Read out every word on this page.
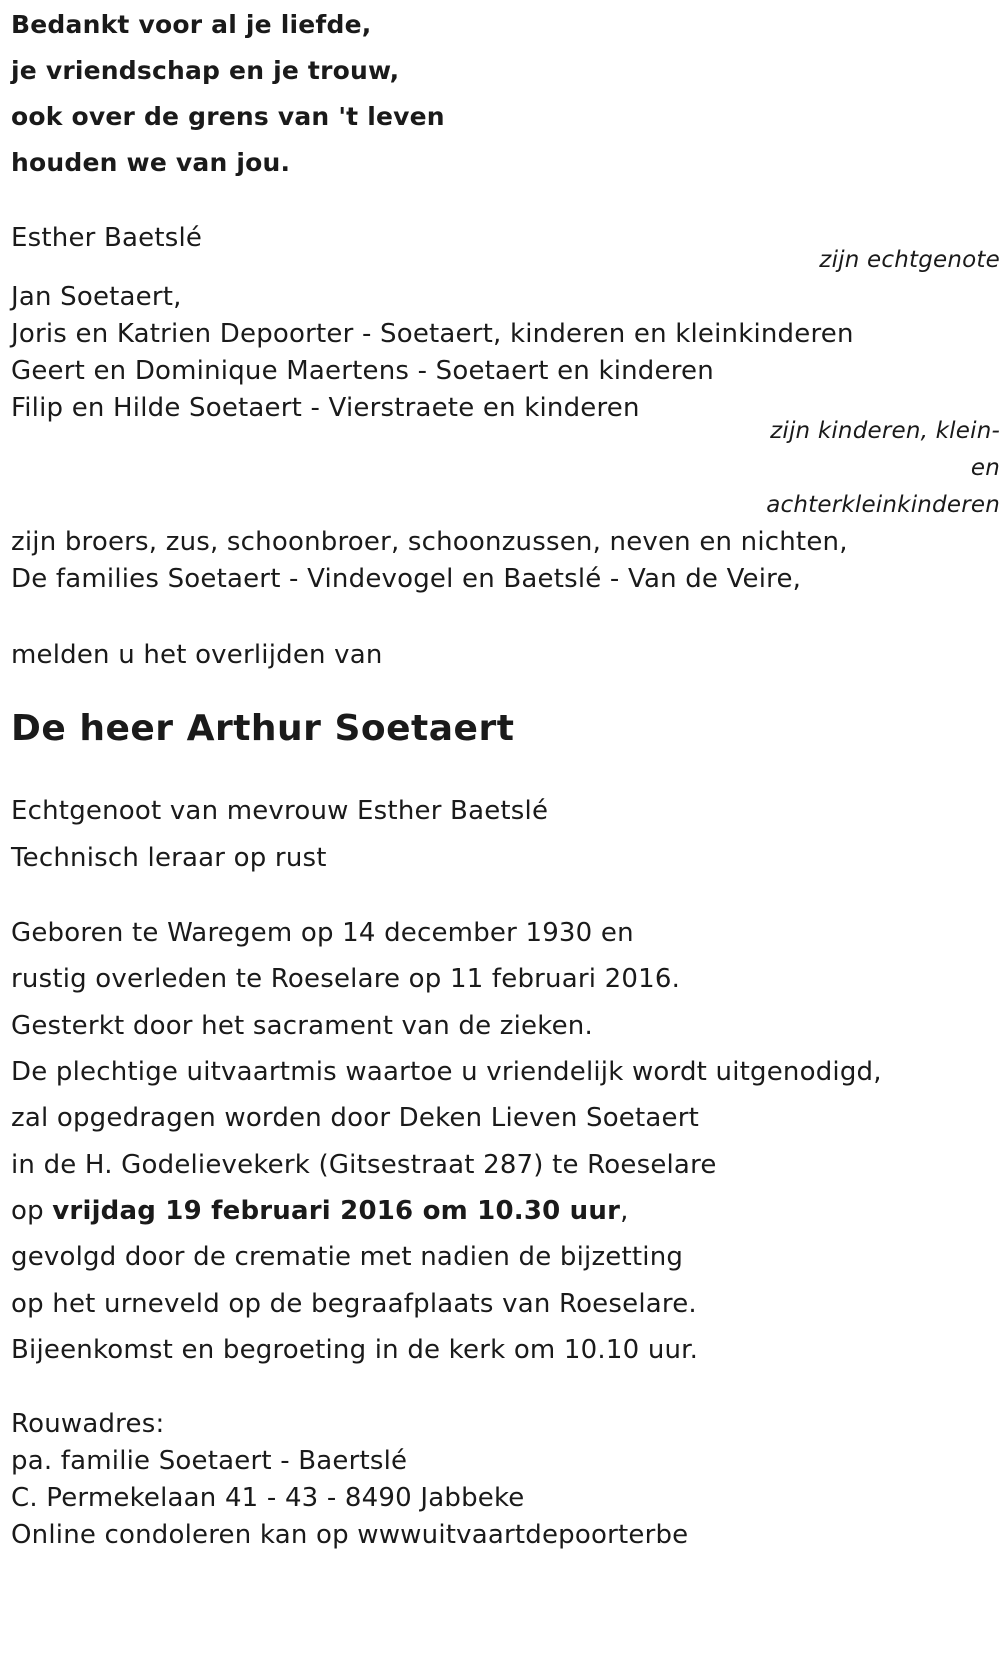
Bedankt voor al je liefde,
je vriendschap en je trouw,
ook over de grens van 't leven
houden we van jou.
Esther Baetslé
zijn echtgenote
Jan Soetaert,
Joris en Katrien Depoorter - Soetaert, kinderen en kleinkinderen
Geert en Dominique Maertens - Soetaert en kinderen
Filip en Hilde Soetaert - Vierstraete en kinderen
zijn kinderen, klein-
en
achterkleinkinderen
zijn broers, zus, schoonbroer, schoonzussen, neven en nichten,
De families Soetaert - Vindevogel en Baetslé - Van de Veire,
melden u het overlijden van
De heer Arthur Soetaert
Echtgenoot van mevrouw Esther Baetslé
Technisch leraar op rust
Geboren te Waregem op 14 december 1930 en
rustig overleden te Roeselare op 11 februari 2016.
Gesterkt door het sacrament van de zieken.
De plechtige uitvaartmis waartoe u vriendelijk wordt uitgenodigd,
zal opgedragen worden door Deken Lieven Soetaert
in de H. Godelievekerk (Gitsestraat 287) te Roeselare
op vrijdag 19 februari 2016 om 10.30 uur,
gevolgd door de crematie met nadien de bijzetting
op het urneveld op de begraafplaats van Roeselare.
Bijeenkomst en begroeting in de kerk om 10.10 uur.
Rouwadres:
pa. familie Soetaert - Baertslé
C. Permekelaan 41 - 43 - 8490 Jabbeke
Online condoleren kan op wwwuitvaartdepoorterbe
